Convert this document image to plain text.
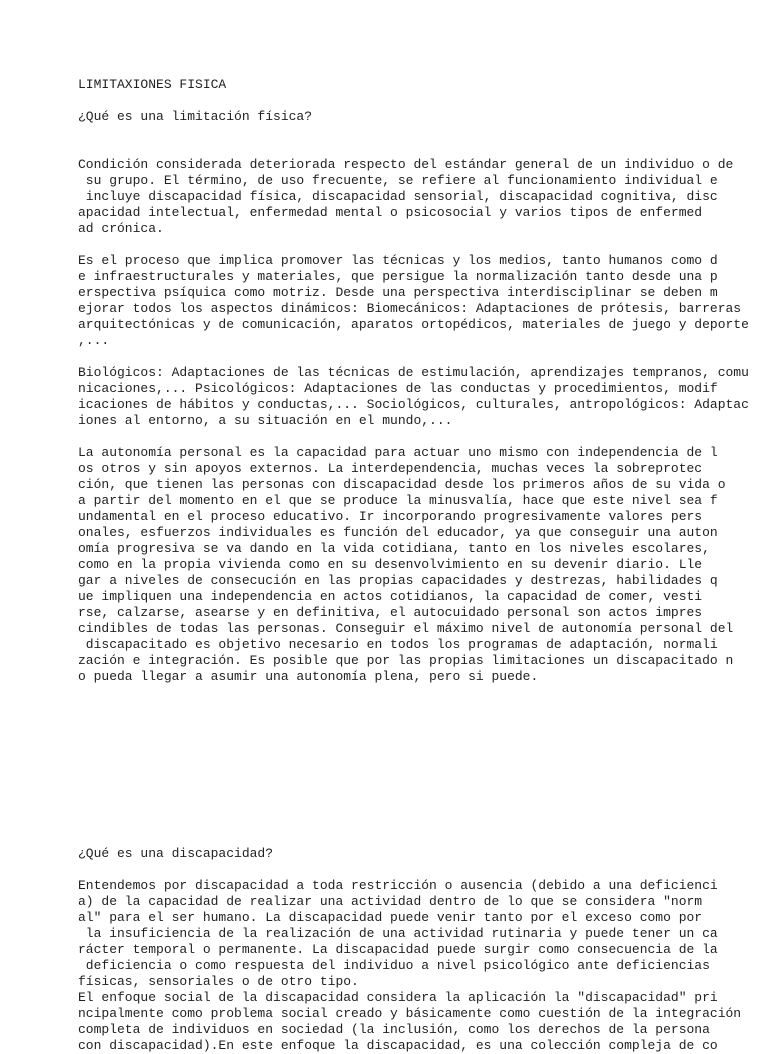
LIMITAXIONES FISICA
¿Qué es una limitación física?
Condición considerada deteriorada respecto del estándar general de un individuo o de
su grupo. El término, de uso frecuente, se refiere al funcionamiento individual e
incluye discapacidad física, discapacidad sensorial, discapacidad cognitiva, disc
apacidad intelectual, enfermedad mental o psicosocial y varios tipos de enfermed
ad crónica.
Es el proceso que implica promover las técnicas y los medios, tanto humanos como d
e infraestructurales y materiales, que persigue la normalización tanto desde una p
erspectiva psíquica como motriz. Desde una perspectiva interdisciplinar se deben m
ejorar todos los aspectos dinámicos: Biomecánicos: Adaptaciones de prótesis, barreras
arquitectónicas y de comunicación, aparatos ortopédicos, materiales de juego y deporte
,...
Biológicos: Adaptaciones de las técnicas de estimulación, aprendizajes tempranos, comu
nicaciones,... Psicológicos: Adaptaciones de las conductas y procedimientos, modif
icaciones de hábitos y conductas,... Sociológicos, culturales, antropológicos: Adaptac
iones al entorno, a su situación en el mundo,...
La autonomía personal es la capacidad para actuar uno mismo con independencia de l
os otros y sin apoyos externos. La interdependencia, muchas veces la sobreprotec
ción, que tienen las personas con discapacidad desde los primeros años de su vida o
a partir del momento en el que se produce la minusvalía, hace que este nivel sea f
undamental en el proceso educativo. Ir incorporando progresivamente valores pers
onales, esfuerzos individuales es función del educador, ya que conseguir una auton
omía progresiva se va dando en la vida cotidiana, tanto en los niveles escolares,
como en la propia vivienda como en su desenvolvimiento en su devenir diario. Lle
gar a niveles de consecución en las propias capacidades y destrezas, habilidades q
ue impliquen una independencia en actos cotidianos, la capacidad de comer, vesti
rse, calzarse, asearse y en definitiva, el autocuidado personal son actos impres
cindibles de todas las personas. Conseguir el máximo nivel de autonomía personal del
discapacitado es objetivo necesario en todos los programas de adaptación, normali
zación e integración. Es posible que por las propias limitaciones un discapacitado n
o pueda llegar a asumir una autonomía plena, pero si puede.
¿Qué es una discapacidad?
Entendemos por discapacidad a toda restricción o ausencia (debido a una deficienci
a) de la capacidad de realizar una actividad dentro de lo que se considera "norm
al" para el ser humano. La discapacidad puede venir tanto por el exceso como por
la insuficiencia de la realización de una actividad rutinaria y puede tener un ca
rácter temporal o permanente. La discapacidad puede surgir como consecuencia de la
deficiencia o como respuesta del individuo a nivel psicológico ante deficiencias
físicas, sensoriales o de otro tipo.
El enfoque social de la discapacidad considera la aplicación la "discapacidad" pri
ncipalmente como problema social creado y básicamente como cuestión de la integración
completa de individuos en sociedad (la inclusión, como los derechos de la persona
con discapacidad).En este enfoque la discapacidad, es una colección compleja de co
